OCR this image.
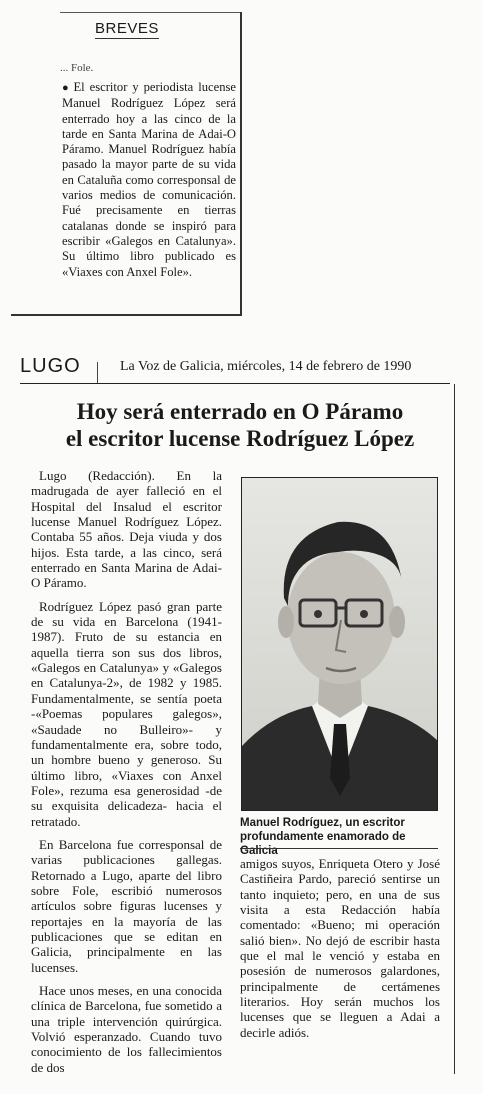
BREVES
... Fole.
● El escritor y periodista lucense Manuel Rodríguez López será enterrado hoy a las cinco de la tarde en Santa Marina de Adai-O Páramo. Manuel Rodríguez había pasado la mayor parte de su vida en Cataluña como corresponsal de varios medios de comunicación. Fué precisamente en tierras catalanas donde se inspiró para escribir «Galegos en Catalunya». Su último libro publicado es «Viaxes con Anxel Fole».
LUGO	La Voz de Galicia, miércoles, 14 de febrero de 1990
Hoy será enterrado en O Páramo
el escritor lucense Rodríguez López

Lugo (Redacción). En la madrugada de ayer falleció en el Hospital del Insalud el escritor lucense Manuel Rodríguez López. Contaba 55 años. Deja viuda y dos hijos. Esta tarde, a las cinco, será enterrado en Santa Marina de Adai-O Páramo.

Rodríguez López pasó gran parte de su vida en Barcelona (1941-1987). Fruto de su estancia en aquella tierra son sus dos libros, «Galegos en Catalunya» y «Galegos en Catalunya-2», de 1982 y 1985. Fundamentalmente, se sentía poeta -«Poemas populares galegos», «Saudade no Bulleiro»- y fundamentalmente era, sobre todo, un hombre bueno y generoso. Su último libro, «Viaxes con Anxel Fole», rezuma esa generosidad -de su exquisita delicadeza- hacia el retratado.

En Barcelona fue corresponsal de varias publicaciones gallegas. Retornado a Lugo, aparte del libro sobre Fole, escribió numerosos artículos sobre figuras lucenses y reportajes en la mayoría de las publicaciones que se editan en Galicia, principalmente en las lucenses.

Hace unos meses, en una conocida clínica de Barcelona, fue sometido a una triple intervención quirúrgica. Volvió esperanzado. Cuando tuvo conocimiento de los fallecimientos de dos

Manuel Rodríguez, un escritor profundamente enamorado de Galicia

amigos suyos, Enriqueta Otero y José Castiñeira Pardo, pareció sentirse un tanto inquieto; pero, en una de sus visita a esta Redacción había comentado: «Bueno; mi operación salió bien». No dejó de escribir hasta que el mal le venció y estaba en posesión de numerosos galardones, principalmente de certámenes literarios. Hoy serán muchos los lucenses que se lleguen a Adai a decirle adiós.
